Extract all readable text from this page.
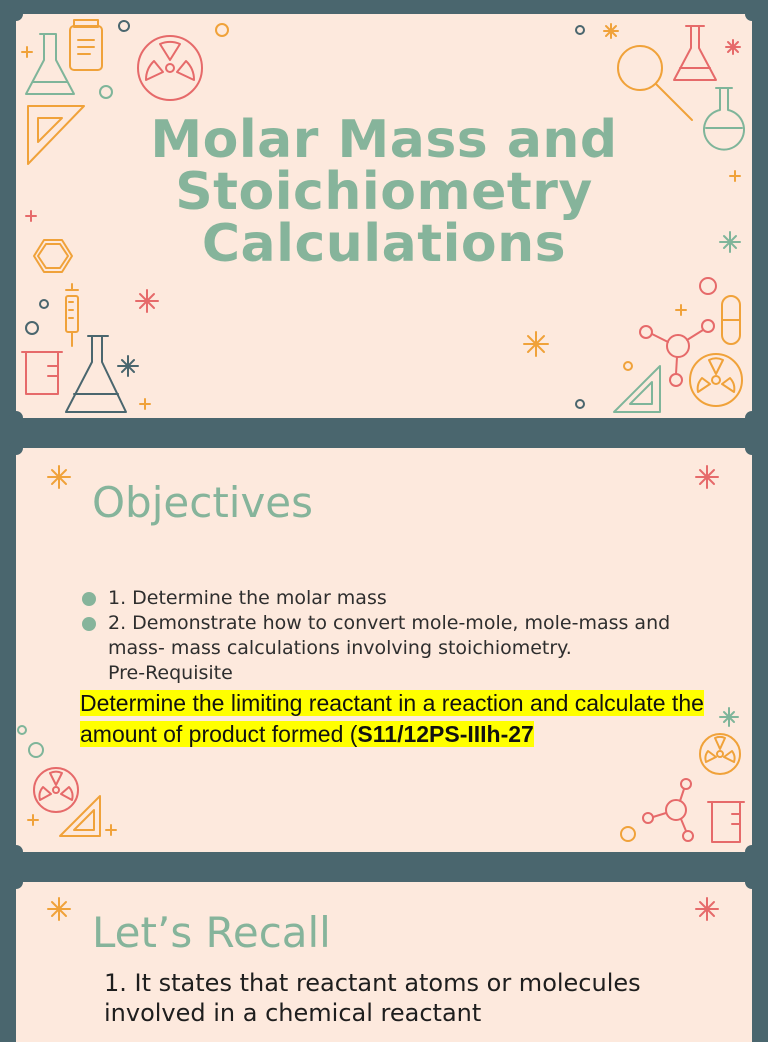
Molar Mass and
Stoichiometry
Calculations
Objectives
1. Determine the molar mass
2. Demonstrate how to convert mole-mole, mole-mass and mass- mass calculations involving stoichiometry.
Pre-Requisite
Determine the limiting reactant in a reaction and calculate the amount of product formed (S11/12PS-IIIh-27
Let’s Recall
1. It states that reactant atoms or molecules involved in a chemical reactant
